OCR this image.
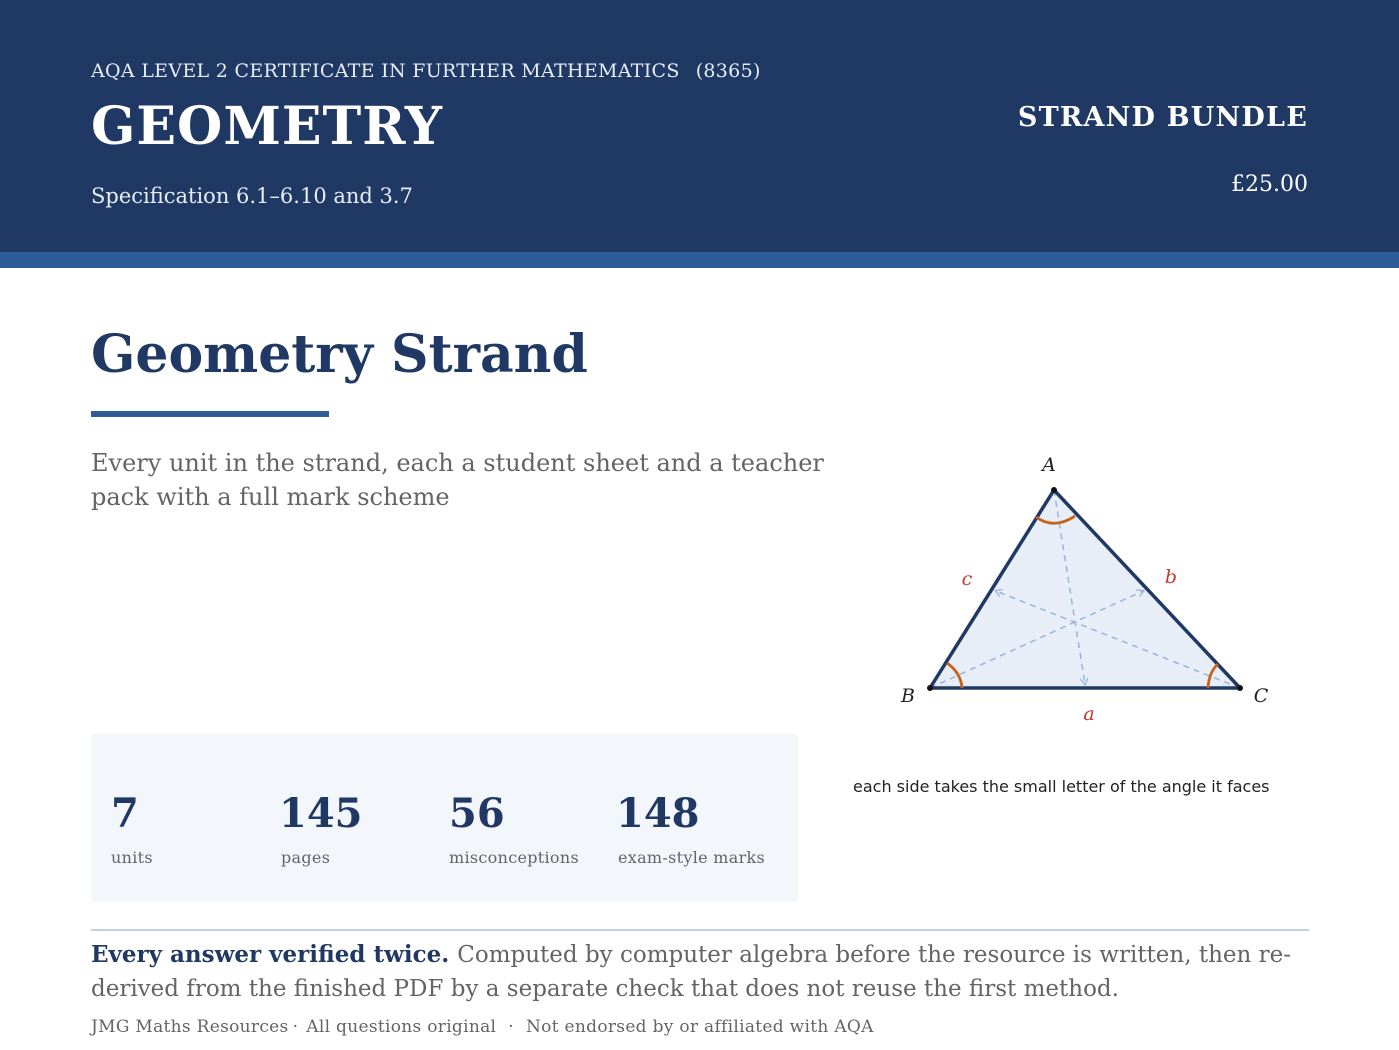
AQA LEVEL 2 CERTIFICATE IN FURTHER MATHEMATICS (8365)
GEOMETRY
Specification 6.1–6.10 and 3.7
STRAND BUNDLE
£25.00
Geometry Strand
Every unit in the strand, each a student sheet and a teacher pack with a full mark scheme
7
units
145
pages
56
misconceptions
148
exam-style marks
A
B	C
a
b
c
each side takes the small letter of the angle it faces
Every answer verified twice. Computed by computer algebra before the resource is written, then re-derived from the finished PDF by a separate check that does not reuse the first method.
JMG Maths Resources · All questions original · Not endorsed by or affiliated with AQA
